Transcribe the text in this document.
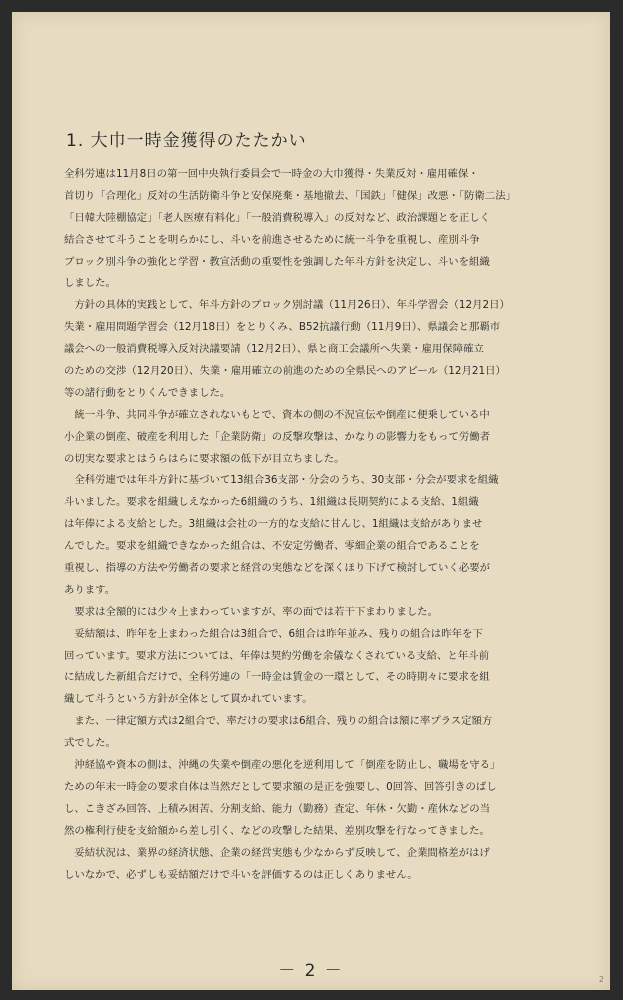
1. 大巾一時金獲得のたたかい
全科労連は11月8日の第一回中央執行委員会で一時金の大巾獲得・失業反対・雇用確保・
首切り「合理化」反対の生活防衛斗争と安保廃棄・基地撤去、「国鉄」「健保」改悪・「防衛二法」
「日韓大陸棚協定」「老人医療有料化」「一般消費税導入」の反対など、政治課題とを正しく
結合させて斗うことを明らかにし、斗いを前進させるために統一斗争を重視し、産別斗争
ブロック別斗争の強化と学習・教宣活動の重要性を強調した年斗方針を決定し、斗いを組織
しました。
　方針の具体的実践として、年斗方針のブロック別討議（11月26日）、年斗学習会（12月2日）
失業・雇用問題学習会（12月18日）をとりくみ、B52抗議行動（11月9日）、県議会と那覇市
議会への一般消費税導入反対決議要請（12月2日）、県と商工会議所へ失業・雇用保障確立
のための交渉（12月20日）、失業・雇用確立の前進のための全県民へのアピール（12月21日）
等の諸行動をとりくんできました。
　統一斗争、共同斗争が確立されないもとで、資本の側の不況宣伝や倒産に便乗している中
小企業の倒産、破産を利用した「企業防衛」の反撃攻撃は、かなりの影響力をもって労働者
の切実な要求とはうらはらに要求額の低下が目立ちました。
　全科労連では年斗方針に基づいて13組合36支部・分会のうち、30支部・分会が要求を組織
斗いました。要求を組織しえなかった6組織のうち、1組織は長期契約による支給、1組織
は年俸による支給とした。3組織は会社の一方的な支給に甘んじ、1組織は支給がありませ
んでした。要求を組織できなかった組合は、不安定労働者、零細企業の組合であることを
重視し、指導の方法や労働者の要求と経営の実態などを深くほり下げて検討していく必要が
あります。
　要求は全額的には少々上まわっていますが、率の面では若干下まわりました。
　妥結額は、昨年を上まわった組合は3組合で、6組合は昨年並み、残りの組合は昨年を下
回っています。要求方法については、年俸は契約労働を余儀なくされている支給、と年斗前
に結成した新組合だけで、全科労連の「一時金は賃金の一環として、その時期々に要求を組
織して斗うという方針が全体として貫かれています。
　また、一律定額方式は2組合で、率だけの要求は6組合、残りの組合は額に率プラス定額方
式でした。
　沖経協や資本の側は、沖縄の失業や倒産の悪化を逆利用して「倒産を防止し、職場を守る」
ための年末一時金の要求自体は当然だとして要求額の是正を強要し、0回答、回答引きのばし
し、こきざみ回答、上積み困苦、分割支給、能力（勤務）査定、年休・欠勤・産休などの当
然の権利行使を支給額から差し引く、などの攻撃した結果、差別攻撃を行なってきました。
　妥結状況は、業界の経済状態、企業の経営実態も少なからず反映して、企業間格差がはげ
しいなかで、必ずしも妥結額だけで斗いを評価するのは正しくありません。
－ 2 －	2
